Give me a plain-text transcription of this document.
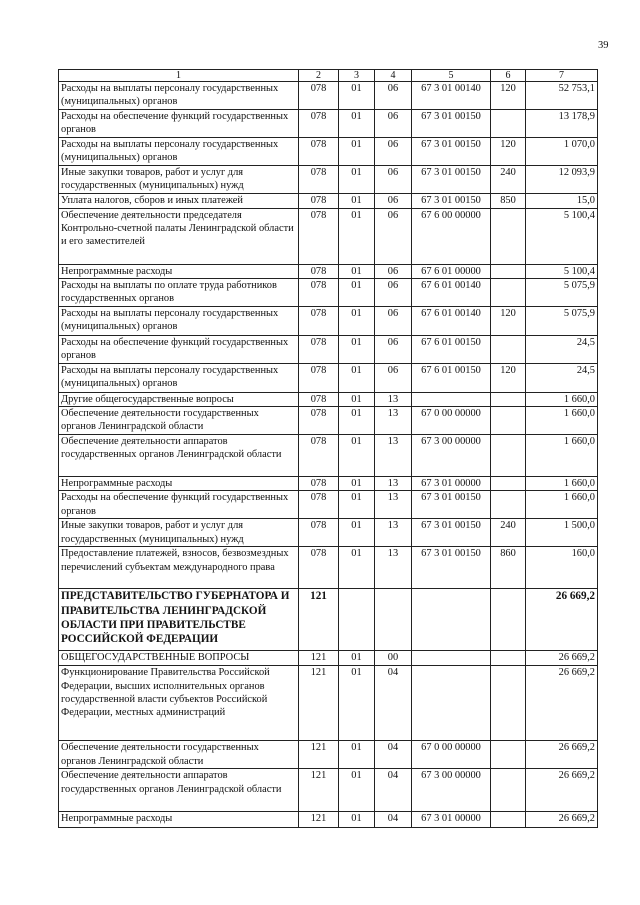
39
1	2	3	4	5	6	7
Расходы на выплаты персоналу государственных (муниципальных) органов	078	01	06	67 3 01 00140	120	52 753,1
Расходы на обеспечение функций государственных органов	078	01	06	67 3 01 00150		13 178,9
Расходы на выплаты персоналу государственных (муниципальных) органов	078	01	06	67 3 01 00150	120	1 070,0
Иные закупки товаров, работ и услуг для государственных (муниципальных) нужд	078	01	06	67 3 01 00150	240	12 093,9
Уплата налогов, сборов и иных платежей	078	01	06	67 3 01 00150	850	15,0
Обеспечение деятельности председателя Контрольно-счетной палаты Ленинградской области и его заместителей	078	01	06	67 6 00 00000		5 100,4
Непрограммные расходы	078	01	06	67 6 01 00000		5 100,4
Расходы на выплаты по оплате труда работников государственных органов	078	01	06	67 6 01 00140		5 075,9
Расходы на выплаты персоналу государственных (муниципальных) органов	078	01	06	67 6 01 00140	120	5 075,9
Расходы на обеспечение функций государственных органов	078	01	06	67 6 01 00150		24,5
Расходы на выплаты персоналу государственных (муниципальных) органов	078	01	06	67 6 01 00150	120	24,5
Другие общегосударственные вопросы	078	01	13			1 660,0
Обеспечение деятельности государственных органов Ленинградской области	078	01	13	67 0 00 00000		1 660,0
Обеспечение деятельности аппаратов государственных органов Ленинградской области	078	01	13	67 3 00 00000		1 660,0
Непрограммные расходы	078	01	13	67 3 01 00000		1 660,0
Расходы на обеспечение функций государственных органов	078	01	13	67 3 01 00150		1 660,0
Иные закупки товаров, работ и услуг для государственных (муниципальных) нужд	078	01	13	67 3 01 00150	240	1 500,0
Предоставление платежей, взносов, безвозмездных перечислений субъектам международного права	078	01	13	67 3 01 00150	860	160,0
ПРЕДСТАВИТЕЛЬСТВО ГУБЕРНАТОРА И ПРАВИТЕЛЬСТВА ЛЕНИНГРАДСКОЙ ОБЛАСТИ ПРИ ПРАВИТЕЛЬСТВЕ РОССИЙСКОЙ ФЕДЕРАЦИИ	121					26 669,2
ОБЩЕГОСУДАРСТВЕННЫЕ ВОПРОСЫ	121	01	00			26 669,2
Функционирование Правительства Российской Федерации, высших исполнительных органов государственной власти субъектов Российской Федерации, местных администраций	121	01	04			26 669,2
Обеспечение деятельности государственных органов Ленинградской области	121	01	04	67 0 00 00000		26 669,2
Обеспечение деятельности аппаратов государственных органов Ленинградской области	121	01	04	67 3 00 00000		26 669,2
Непрограммные расходы	121	01	04	67 3 01 00000		26 669,2
